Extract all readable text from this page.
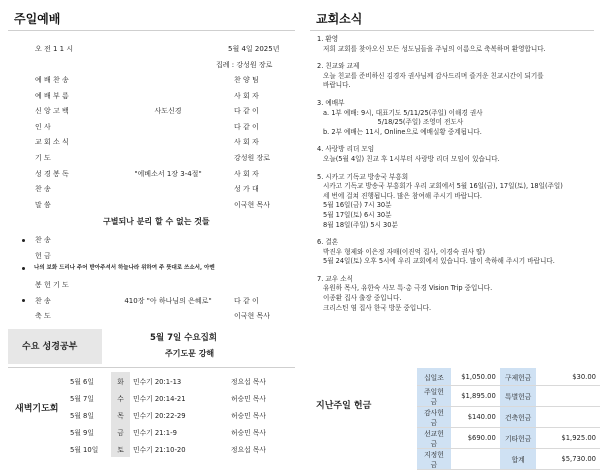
주일예배
오 전 1 1 시	5월 4일 2025년
집례 : 강성원 장로
예 배 찬 송	찬 양 팀
예 배 부 름	사 회 자
신 앙 고 백	사도신경	다 같 이
인 사	다 같 이
교 회 소 식	사 회 자
기 도	강성원 장로
성 경 봉 독	"에베소서 1장 3-4절"	사 회 자
찬 송	성 가 대
말 씀	이국현 목사
구별되나 분리 할 수 없는 것들
찬 송
헌 금
나의 보화 드리나 주어 받아주셔서 하늘나라 위하여 주 뜻대로 쓰소서, 아멘
봉 헌 기 도
찬 송	410장 "아 하나님의 은혜로"	다 같 이
축 도	이국현 목사
수요 성경공부
5월 7일 수요집회
주기도문 강해
새벽기도회
5월 6일	화	민수기 20:1-13	정요섭 목사
5월 7일	수	민수기 20:14-21	허승민 목사
5월 8일	목	민수기 20:22-29	허승민 목사
5월 9일	금	민수기 21:1-9	허승민 목사
5월 10일	토	민수기 21:10-20	정요섭 목사
교회소식
1. 환영
저희 교회를 찾아오신 모든 성도님들을 주님의 이름으로 축복하며 환영합니다.
2. 친교와 교제
오늘 친교를 준비하신 김경자 권사님께 감사드리며 즐거운 친교시간이 되기를
바랍니다.
3. 예배부
a. 1부 예배: 9시, 대표기도 5/11/25(주일) 이해경 권사
5/18/25(주일) 조영미 전도사
b. 2부 예배는 11시, Online으로 예배실황 중계됩니다.
4. 사랑방 리더 모임
오늘(5월 4일) 친교 후 1시부터 사랑방 리더 모임이 있습니다.
5. 시카고 기독교 방송국 부흥회
시카고 기독교 방송국 부흥회가 우리 교회에서 5월 16일(금), 17일(토), 18일(주일)
세 번에 걸쳐 진행됩니다. 많은 참여해 주시기 바랍니다.
5월 16일(금) 7시 30분
5월 17일(토) 6시 30분
8월 18일(주일) 5시 30분
6. 결혼
박진우 형제와 이은정 자매(이진억 집사, 이경숙 권사 딸)
5월 24일(토) 오후 5시에 우리 교회에서 있습니다. 많이 축하해 주시기 바랍니다.
7. 교우 소식
유원하 목사, 유한숙 사모 특·총 극경 Vision Trip 중입니다.
이종환 집사 출장 중입니다.
크리스틴 염 집사 한국 방문 중입니다.
지난주일 헌금
십일조	$1,050.00	구제헌금	$30.00
주일헌금	$1,895.00	특별헌금	
감사헌금	$140.00	건축헌금	
선교헌금	$690.00	기타헌금	$1,925.00
지정헌금		합계	$5,730.00
